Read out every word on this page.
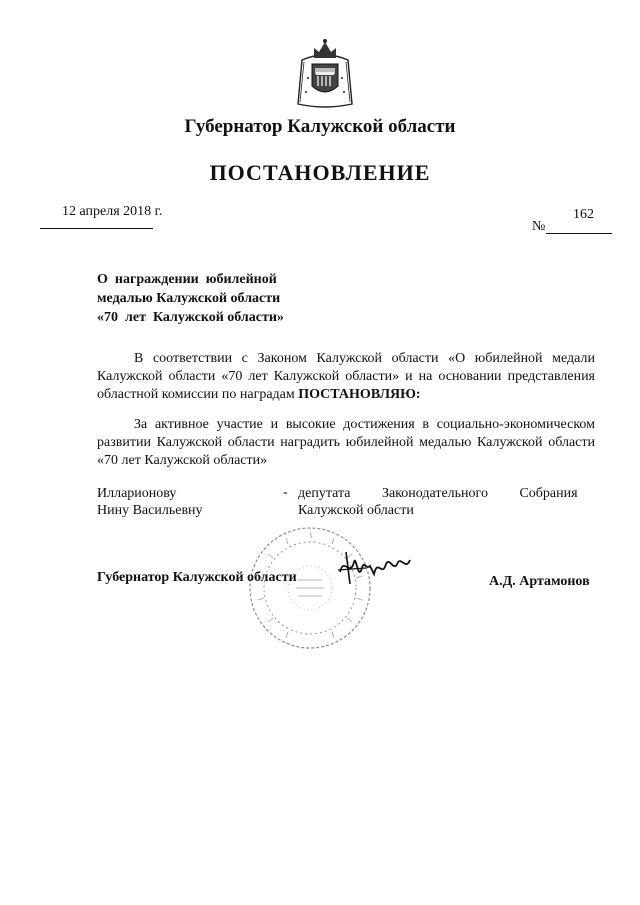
Губернатор Калужской области
ПОСТАНОВЛЕНИЕ
12 апреля 2018 г.
№
162
О  награждении  юбилейной
медалью Калужской области
«70  лет  Калужской области»
В соответствии с Законом Калужской области «О юбилейной медали
Калужской области «70 лет Калужской области» и на основании представления
областной комиссии по наградам ПОСТАНОВЛЯЮ:
За активное участие и высокие достижения в социально-экономическом
развитии Калужской области наградить юбилейной медалью Калужской области
«70 лет Калужской области»
Илларионову
Нину Васильевну
- депутата         Законодательного         Собрания
Калужской области
Губернатор Калужской области	А.Д. Артамонов
